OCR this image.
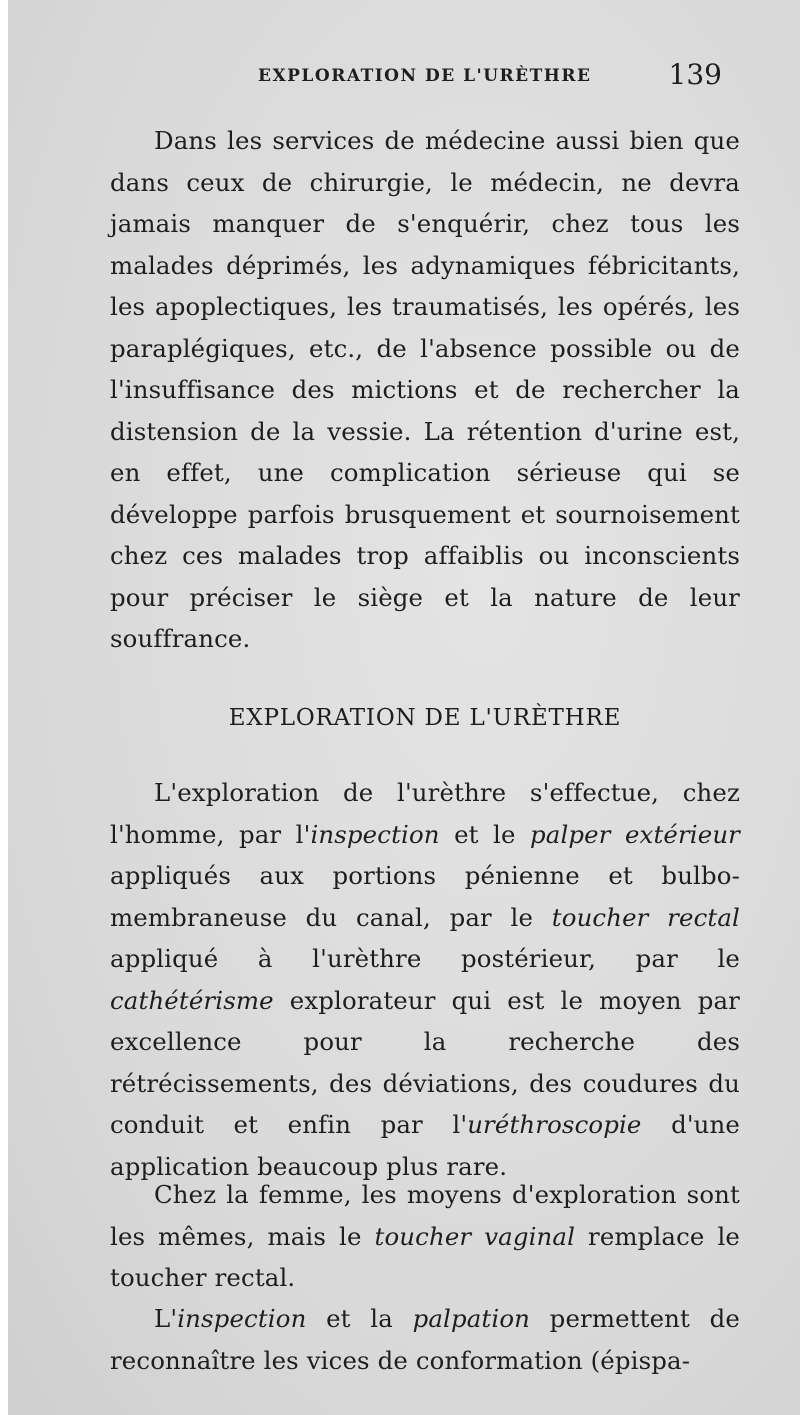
EXPLORATION DE L'URÈTHRE	139

Dans les services de médecine aussi bien que dans ceux de chirurgie, le médecin, ne devra jamais manquer de s'enquérir, chez tous les malades déprimés, les adynamiques fébricitants, les apoplectiques, les traumatisés, les opérés, les paraplégiques, etc., de l'absence possible ou de l'insuffisance des mictions et de rechercher la distension de la vessie. La rétention d'urine est, en effet, une complication sérieuse qui se développe parfois brusquement et sournoisement chez ces malades trop affaiblis ou inconscients pour préciser le siège et la nature de leur souffrance.

EXPLORATION DE L'URÈTHRE

L'exploration de l'urèthre s'effectue, chez l'homme, par l'inspection et le palper extérieur appliqués aux portions pénienne et bulbo-membraneuse du canal, par le toucher rectal appliqué à l'urèthre postérieur, par le cathétérisme explorateur qui est le moyen par excellence pour la recherche des rétrécissements, des déviations, des coudures du conduit et enfin par l'uréthroscopie d'une application beaucoup plus rare.

Chez la femme, les moyens d'exploration sont les mêmes, mais le toucher vaginal remplace le toucher rectal.

L'inspection et la palpation permettent de reconnaître les vices de conformation (épispa-
